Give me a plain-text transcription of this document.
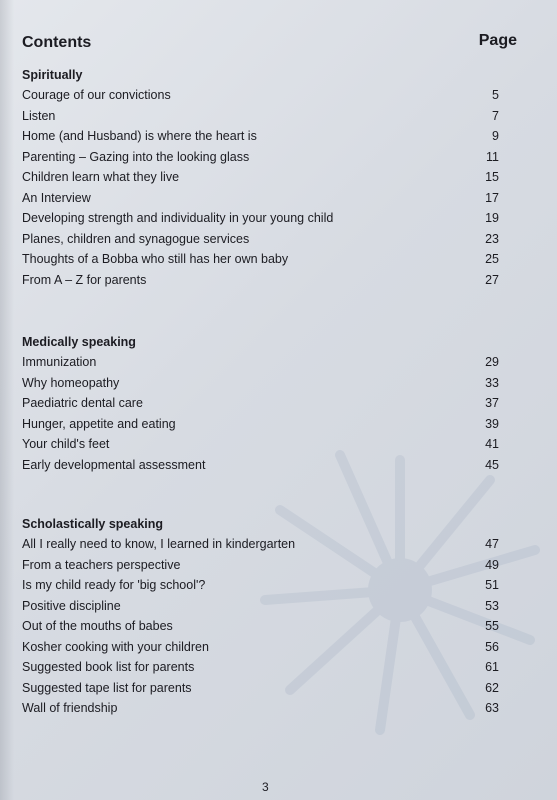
Contents	Page
Spiritually
Courage of our convictions	5
Listen	7
Home (and Husband) is where the heart is	9
Parenting – Gazing into the looking glass	11
Children learn what they live	15
An Interview	17
Developing strength and individuality in your young child	19
Planes, children and synagogue services	23
Thoughts of a Bobba who still has her own baby	25
From A – Z for parents	27
Medically speaking
Immunization	29
Why homeopathy	33
Paediatric dental care	37
Hunger, appetite and eating	39
Your child's feet	41
Early developmental assessment	45
Scholastically speaking
All I really need to know, I learned in kindergarten	47
From a teachers perspective	49
Is my child ready for 'big school'?	51
Positive discipline	53
Out of the mouths of babes	55
Kosher cooking with your children	56
Suggested book list for parents	61
Suggested tape list for parents	62
Wall of friendship	63
3
